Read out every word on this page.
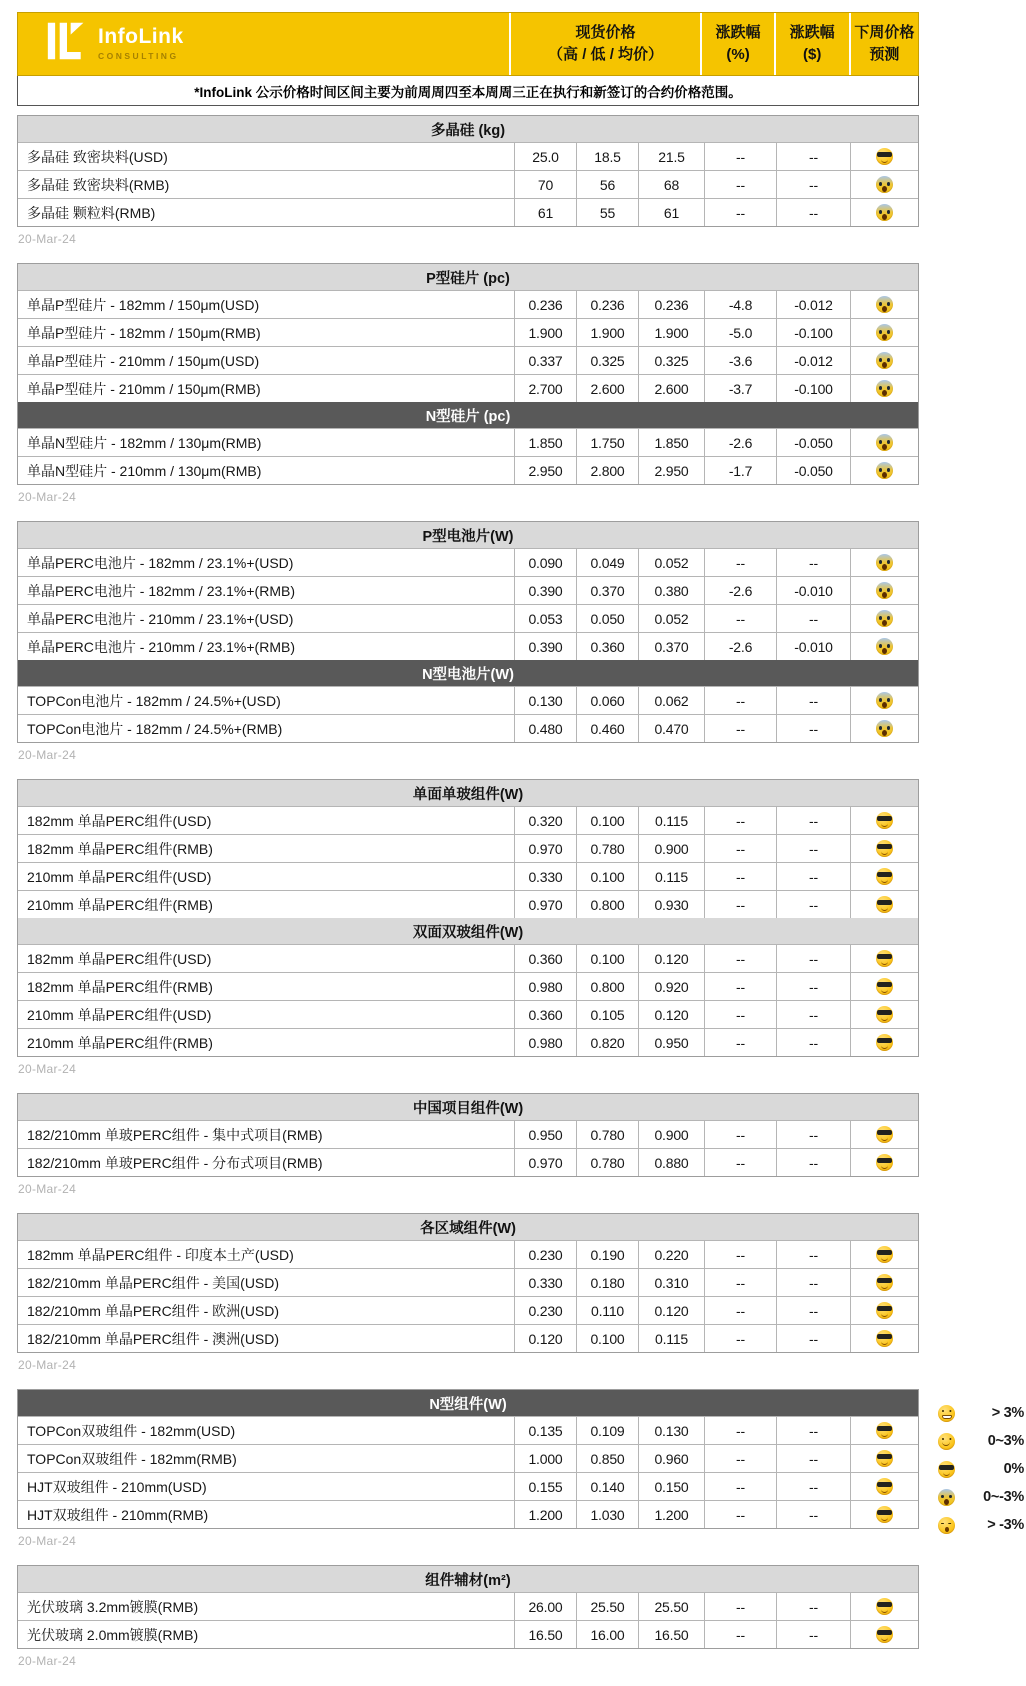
InfoLink
CONSULTING
现货价格
（高 / 低 / 均价）
涨跌幅
(%)
涨跌幅
($)
下周价格
预测
*InfoLink 公示价格时间区间主要为前周周四至本周周三正在执行和新签订的合约价格范围。
多晶硅 (kg)
多晶硅 致密块料(USD)	25.0	18.5	21.5	--	--
多晶硅 致密块料(RMB)	70	56	68	--	--
多晶硅 颗粒料(RMB)	61	55	61	--	--
20-Mar-24
P型硅片 (pc)
单晶P型硅片 - 182mm / 150μm(USD)	0.236	0.236	0.236	-4.8	-0.012
单晶P型硅片 - 182mm / 150μm(RMB)	1.900	1.900	1.900	-5.0	-0.100
单晶P型硅片 - 210mm / 150μm(USD)	0.337	0.325	0.325	-3.6	-0.012
单晶P型硅片 - 210mm / 150μm(RMB)	2.700	2.600	2.600	-3.7	-0.100
N型硅片 (pc)
单晶N型硅片 - 182mm / 130μm(RMB)	1.850	1.750	1.850	-2.6	-0.050
单晶N型硅片 - 210mm / 130μm(RMB)	2.950	2.800	2.950	-1.7	-0.050
20-Mar-24
P型电池片(W)
单晶PERC电池片 - 182mm / 23.1%+(USD)	0.090	0.049	0.052	--	--
单晶PERC电池片 - 182mm / 23.1%+(RMB)	0.390	0.370	0.380	-2.6	-0.010
单晶PERC电池片 - 210mm / 23.1%+(USD)	0.053	0.050	0.052	--	--
单晶PERC电池片 - 210mm / 23.1%+(RMB)	0.390	0.360	0.370	-2.6	-0.010
N型电池片(W)
TOPCon电池片 - 182mm / 24.5%+(USD)	0.130	0.060	0.062	--	--
TOPCon电池片 - 182mm / 24.5%+(RMB)	0.480	0.460	0.470	--	--
20-Mar-24
单面单玻组件(W)
182mm 单晶PERC组件(USD)	0.320	0.100	0.115	--	--
182mm 单晶PERC组件(RMB)	0.970	0.780	0.900	--	--
210mm 单晶PERC组件(USD)	0.330	0.100	0.115	--	--
210mm 单晶PERC组件(RMB)	0.970	0.800	0.930	--	--
双面双玻组件(W)
182mm 单晶PERC组件(USD)	0.360	0.100	0.120	--	--
182mm 单晶PERC组件(RMB)	0.980	0.800	0.920	--	--
210mm 单晶PERC组件(USD)	0.360	0.105	0.120	--	--
210mm 单晶PERC组件(RMB)	0.980	0.820	0.950	--	--
20-Mar-24
中国项目组件(W)
182/210mm 单玻PERC组件 - 集中式项目(RMB)	0.950	0.780	0.900	--	--
182/210mm 单玻PERC组件 - 分布式项目(RMB)	0.970	0.780	0.880	--	--
20-Mar-24
各区域组件(W)
182mm 单晶PERC组件 - 印度本土产(USD)	0.230	0.190	0.220	--	--
182/210mm 单晶PERC组件 - 美国(USD)	0.330	0.180	0.310	--	--
182/210mm 单晶PERC组件 - 欧洲(USD)	0.230	0.110	0.120	--	--
182/210mm 单晶PERC组件 - 澳洲(USD)	0.120	0.100	0.115	--	--
20-Mar-24
N型组件(W)
TOPCon双玻组件 - 182mm(USD)	0.135	0.109	0.130	--	--
TOPCon双玻组件 - 182mm(RMB)	1.000	0.850	0.960	--	--
HJT双玻组件 - 210mm(USD)	0.155	0.140	0.150	--	--
HJT双玻组件 - 210mm(RMB)	1.200	1.030	1.200	--	--
20-Mar-24
组件辅材(m²)
光伏玻璃 3.2mm镀膜(RMB)	26.00	25.50	25.50	--	--
光伏玻璃 2.0mm镀膜(RMB)	16.50	16.00	16.50	--	--
20-Mar-24
> 3%
0~3%
0%
0~-3%
> -3%
